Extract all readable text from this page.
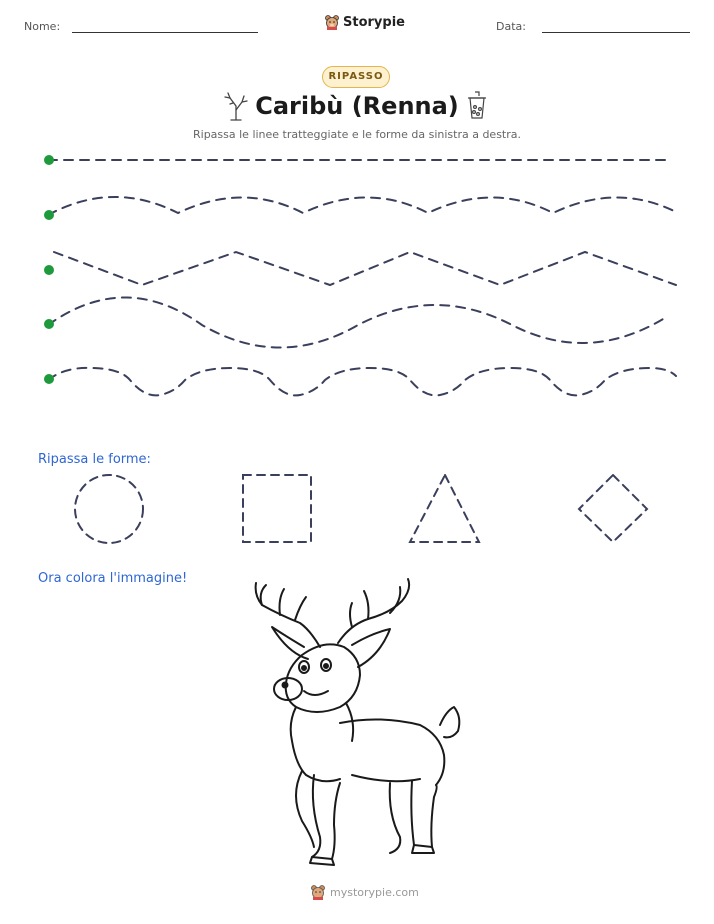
Nome:	Storypie	Data:
RIPASSO
Caribù (Renna)
Ripassa le linee tratteggiate e le forme da sinistra a destra.
Ripassa le forme:
Ora colora l'immagine!
mystorypie.com
